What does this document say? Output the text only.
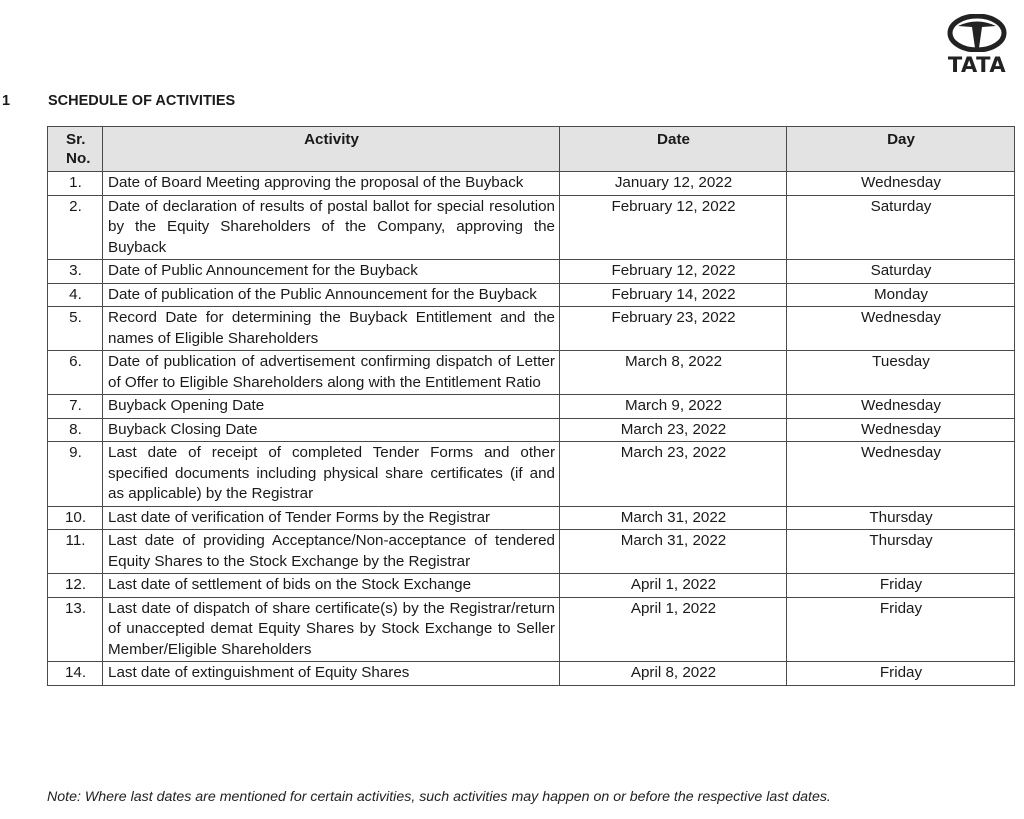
TATA
1	SCHEDULE OF ACTIVITIES
Sr.
No.	Activity	Date	Day
1.	Date of Board Meeting approving the proposal of the Buyback	January 12, 2022	Wednesday
2.	Date of declaration of results of postal ballot for special resolution by the Equity Shareholders of the Company, approving the Buyback	February 12, 2022	Saturday
3.	Date of Public Announcement for the Buyback	February 12, 2022	Saturday
4.	Date of publication of the Public Announcement for the Buyback	February 14, 2022	Monday
5.	Record Date for determining the Buyback Entitlement and the names of Eligible Shareholders	February 23, 2022	Wednesday
6.	Date of publication of advertisement confirming dispatch of Letter of Offer to Eligible Shareholders along with the Entitlement Ratio	March 8, 2022	Tuesday
7.	Buyback Opening Date	March 9, 2022	Wednesday
8.	Buyback Closing Date	March 23, 2022	Wednesday
9.	Last date of receipt of completed Tender Forms and other specified documents including physical share certificates (if and as applicable) by the Registrar	March 23, 2022	Wednesday
10.	Last date of verification of Tender Forms by the Registrar	March 31, 2022	Thursday
11.	Last date of providing Acceptance/Non-acceptance of tendered Equity Shares to the Stock Exchange by the Registrar	March 31, 2022	Thursday
12.	Last date of settlement of bids on the Stock Exchange	April 1, 2022	Friday
13.	Last date of dispatch of share certificate(s) by the Registrar/return of unaccepted demat Equity Shares by Stock Exchange to Seller Member/Eligible Shareholders	April 1, 2022	Friday
14.	Last date of extinguishment of Equity Shares	April 8, 2022	Friday
Note: Where last dates are mentioned for certain activities, such activities may happen on or before the respective last dates.
